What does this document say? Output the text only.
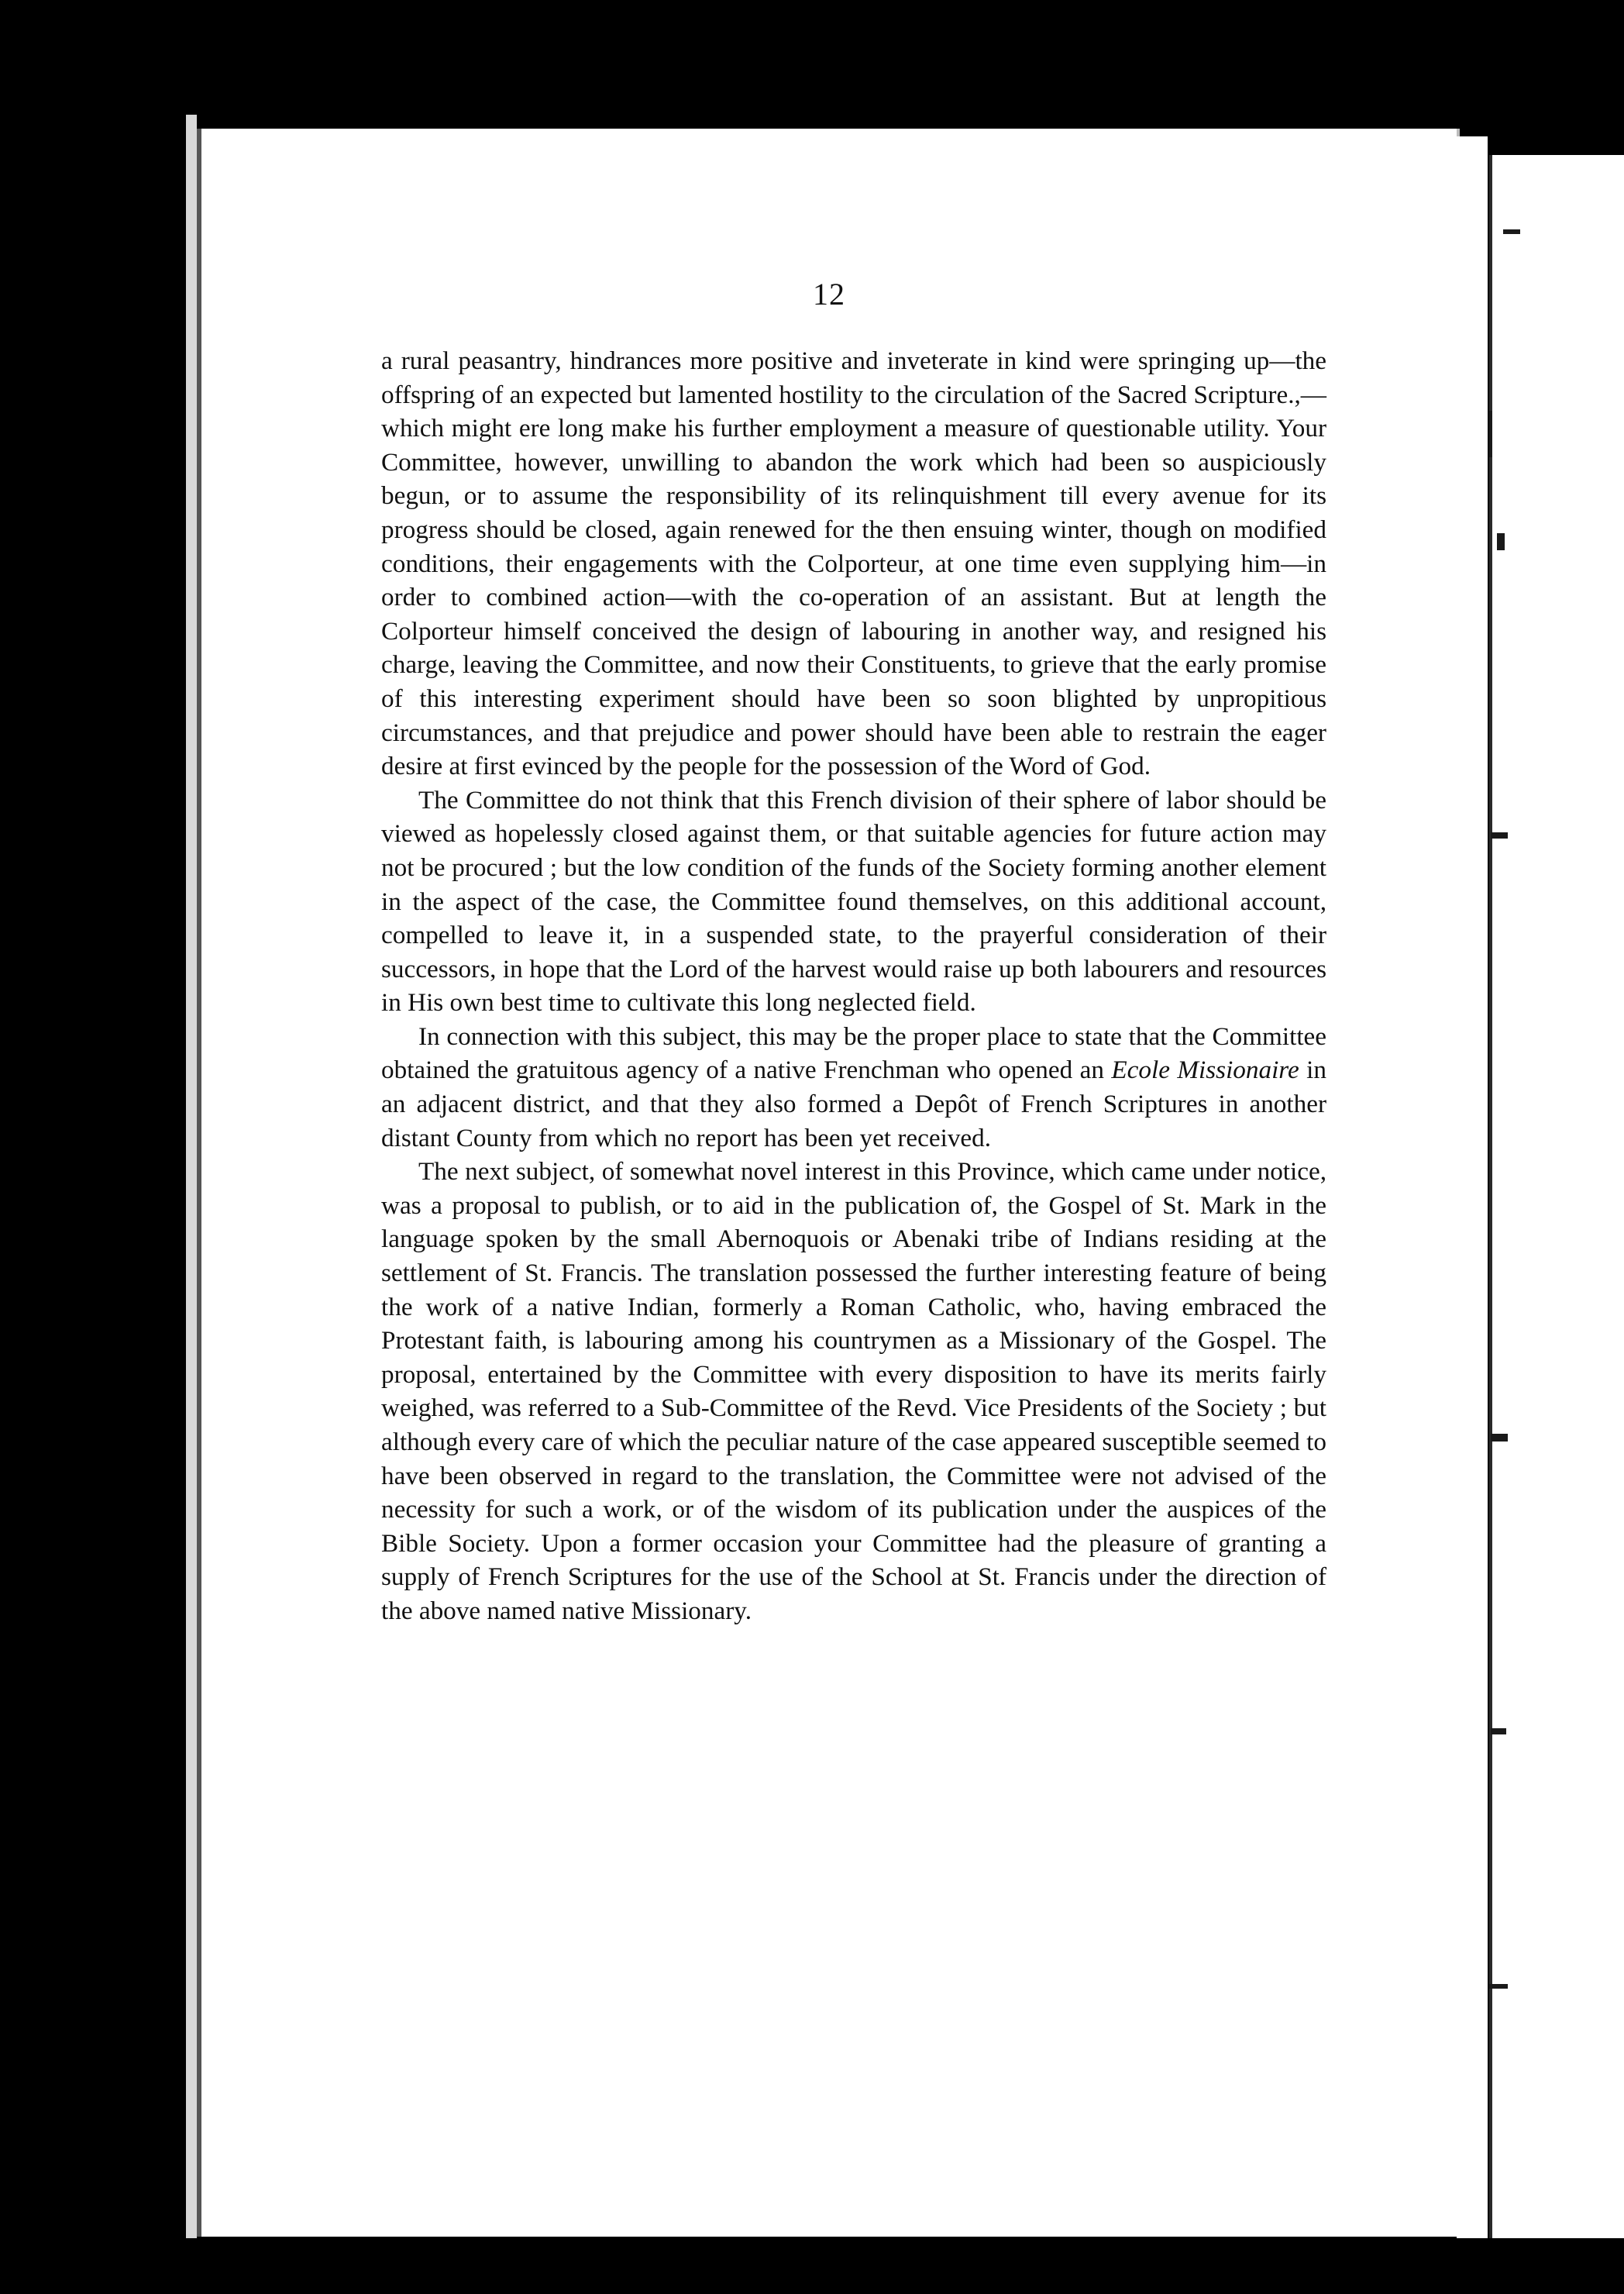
12

a rural peasantry, hindrances more positive and inveterate in kind were springing up—the offspring of an expected but lamented hostility to the circulation of the Sacred Scripture.,—which might ere long make his further employment a measure of questionable utility. Your Committee, however, unwilling to abandon the work which had been so auspiciously begun, or to assume the responsibility of its relinquishment till every avenue for its progress should be closed, again renewed for the then ensuing winter, though on modified conditions, their engagements with the Colporteur, at one time even supplying him—in order to combined action—with the co-operation of an assistant. But at length the Colporteur himself conceived the design of labouring in another way, and resigned his charge, leaving the Committee, and now their Constituents, to grieve that the early promise of this interesting experiment should have been so soon blighted by unpropitious circumstances, and that prejudice and power should have been able to restrain the eager desire at first evinced by the people for the possession of the Word of God.

The Committee do not think that this French division of their sphere of labor should be viewed as hopelessly closed against them, or that suitable agencies for future action may not be procured ; but the low condition of the funds of the Society forming another element in the aspect of the case, the Committee found themselves, on this additional account, compelled to leave it, in a suspended state, to the prayerful consideration of their successors, in hope that the Lord of the harvest would raise up both labourers and resources in His own best time to cultivate this long neglected field.

In connection with this subject, this may be the proper place to state that the Committee obtained the gratuitous agency of a native Frenchman who opened an Ecole Missionaire in an adjacent district, and that they also formed a Depôt of French Scriptures in another distant County from which no report has been yet received.

The next subject, of somewhat novel interest in this Province, which came under notice, was a proposal to publish, or to aid in the publication of, the Gospel of St. Mark in the language spoken by the small Abernoquois or Abenaki tribe of Indians residing at the settlement of St. Francis. The translation possessed the further interesting feature of being the work of a native Indian, formerly a Roman Catholic, who, having embraced the Protestant faith, is labouring among his countrymen as a Missionary of the Gospel. The proposal, entertained by the Committee with every disposition to have its merits fairly weighed, was referred to a Sub-Committee of the Revd. Vice Presidents of the Society ; but although every care of which the peculiar nature of the case appeared susceptible seemed to have been observed in regard to the translation, the Committee were not advised of the necessity for such a work, or of the wisdom of its publication under the auspices of the Bible Society. Upon a former occasion your Committee had the pleasure of granting a supply of French Scriptures for the use of the School at St. Francis under the direction of the above named native Missionary.
